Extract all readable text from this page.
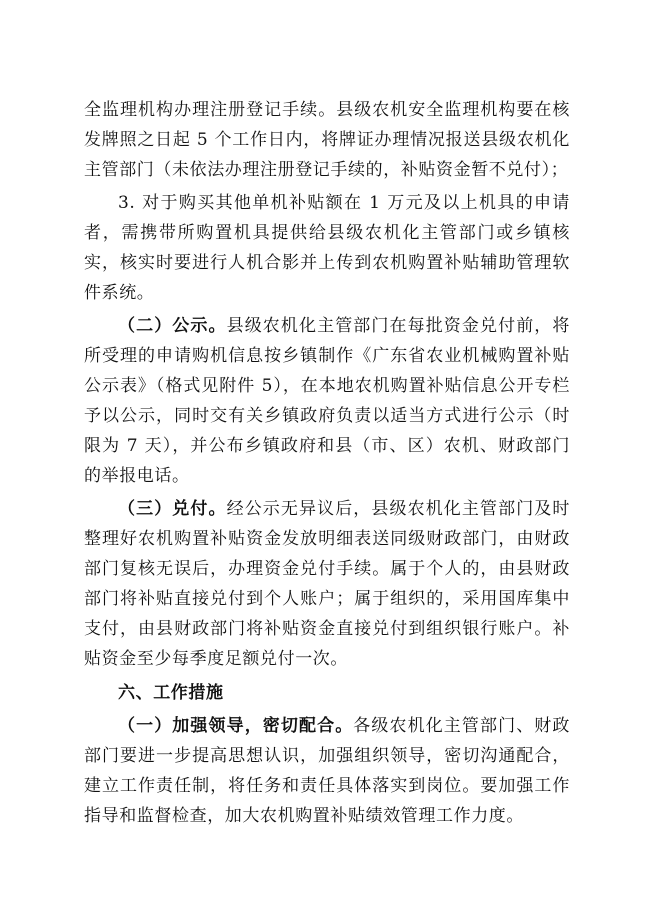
全监理机构办理注册登记手续。县级农机安全监理机构要在核发牌照之日起 5 个工作日内，将牌证办理情况报送县级农机化主管部门（未依法办理注册登记手续的，补贴资金暂不兑付）；

3. 对于购买其他单机补贴额在 1 万元及以上机具的申请者，需携带所购置机具提供给县级农机化主管部门或乡镇核实，核实时要进行人机合影并上传到农机购置补贴辅助管理软件系统。

（二）公示。县级农机化主管部门在每批资金兑付前，将所受理的申请购机信息按乡镇制作《广东省农业机械购置补贴公示表》（格式见附件 5），在本地农机购置补贴信息公开专栏予以公示，同时交有关乡镇政府负责以适当方式进行公示（时限为 7 天），并公布乡镇政府和县（市、区）农机、财政部门的举报电话。

（三）兑付。经公示无异议后，县级农机化主管部门及时整理好农机购置补贴资金发放明细表送同级财政部门，由财政部门复核无误后，办理资金兑付手续。属于个人的，由县财政部门将补贴直接兑付到个人账户；属于组织的，采用国库集中支付，由县财政部门将补贴资金直接兑付到组织银行账户。补贴资金至少每季度足额兑付一次。

六、工作措施

（一）加强领导，密切配合。各级农机化主管部门、财政部门要进一步提高思想认识，加强组织领导，密切沟通配合，建立工作责任制，将任务和责任具体落实到岗位。要加强工作指导和监督检查，加大农机购置补贴绩效管理工作力度。
